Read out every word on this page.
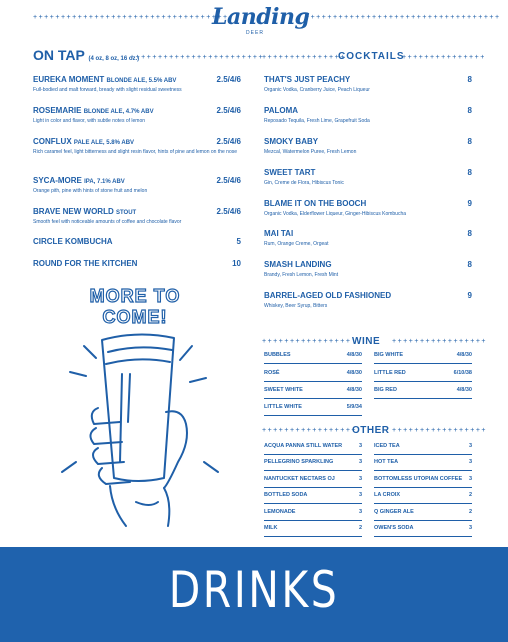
Landing
DEER
+++++++++++++++++++++++++++++++++++	+++++++++++++++++++++++++++++++++++
++++++++++++++++++++++++
+++++++++++++++	+++++++++++++++
++++++++++++++++	+++++++++++++++++
+++++++++++++++++	+++++++++++++++++
ON TAP (4 oz, 8 oz, 16 oz.)
EUREKA MOMENT BLONDE ALE, 5.5% ABV	2.5/4/6
Full-bodied and malt forward, bready with slight residual sweetness
ROSEMARIE BLONDE ALE, 4.7% ABV	2.5/4/6
Light in color and flavor, with subtle notes of lemon
CONFLUX PALE ALE, 5.8% ABV	2.5/4/6
Rich caramel feel, light bitterness and slight resin flavor, hints of pine and lemon on the nose
SYCA-MORE IPA, 7.1% ABV	2.5/4/6
Orange pith, pine with hints of stone fruit and melon
BRAVE NEW WORLD STOUT	2.5/4/6
Smooth feel with noticeable amounts of coffee and chocolate flavor
CIRCLE KOMBUCHA	5
ROUND FOR THE KITCHEN	10
MORE TO COME!
COCKTAILS
THAT'S JUST PEACHY	8
Organic Vodka, Cranberry Juice, Peach Liqueur
PALOMA	8
Reposado Tequila, Fresh Lime, Grapefruit Soda
SMOKY BABY	8
Mezcal, Watermelon Puree, Fresh Lemon
SWEET TART	8
Gin, Creme de Flora, Hibiscus Tonic
BLAME IT ON THE BOOCH	9
Organic Vodka, Elderflower Liqueur, Ginger-Hibiscus Kombucha
MAI TAI	8
Rum, Orange Creme, Orgeat
SMASH LANDING	8
Brandy, Fresh Lemon, Fresh Mint
BARREL-AGED OLD FASHIONED	9
Whiskey, Beer Syrup, Bitters
WINE
BUBBLES	4/8/30
ROSÉ	4/8/30
SWEET WHITE	4/8/30
LITTLE WHITE	5/9/34
BIG WHITE	4/8/30
LITTLE RED	6/10/38
BIG RED	4/8/30
OTHER
ACQUA PANNA STILL WATER	3
PELLEGRINO SPARKLING	3
NANTUCKET NECTARS OJ	3
BOTTLED SODA	3
LEMONADE	3
MILK	2
ICED TEA	3
HOT TEA	3
BOTTOMLESS UTOPIAN COFFEE 3
LA CROIX	2
Q GINGER ALE	2
OWEN'S SODA	3
DRINKS
